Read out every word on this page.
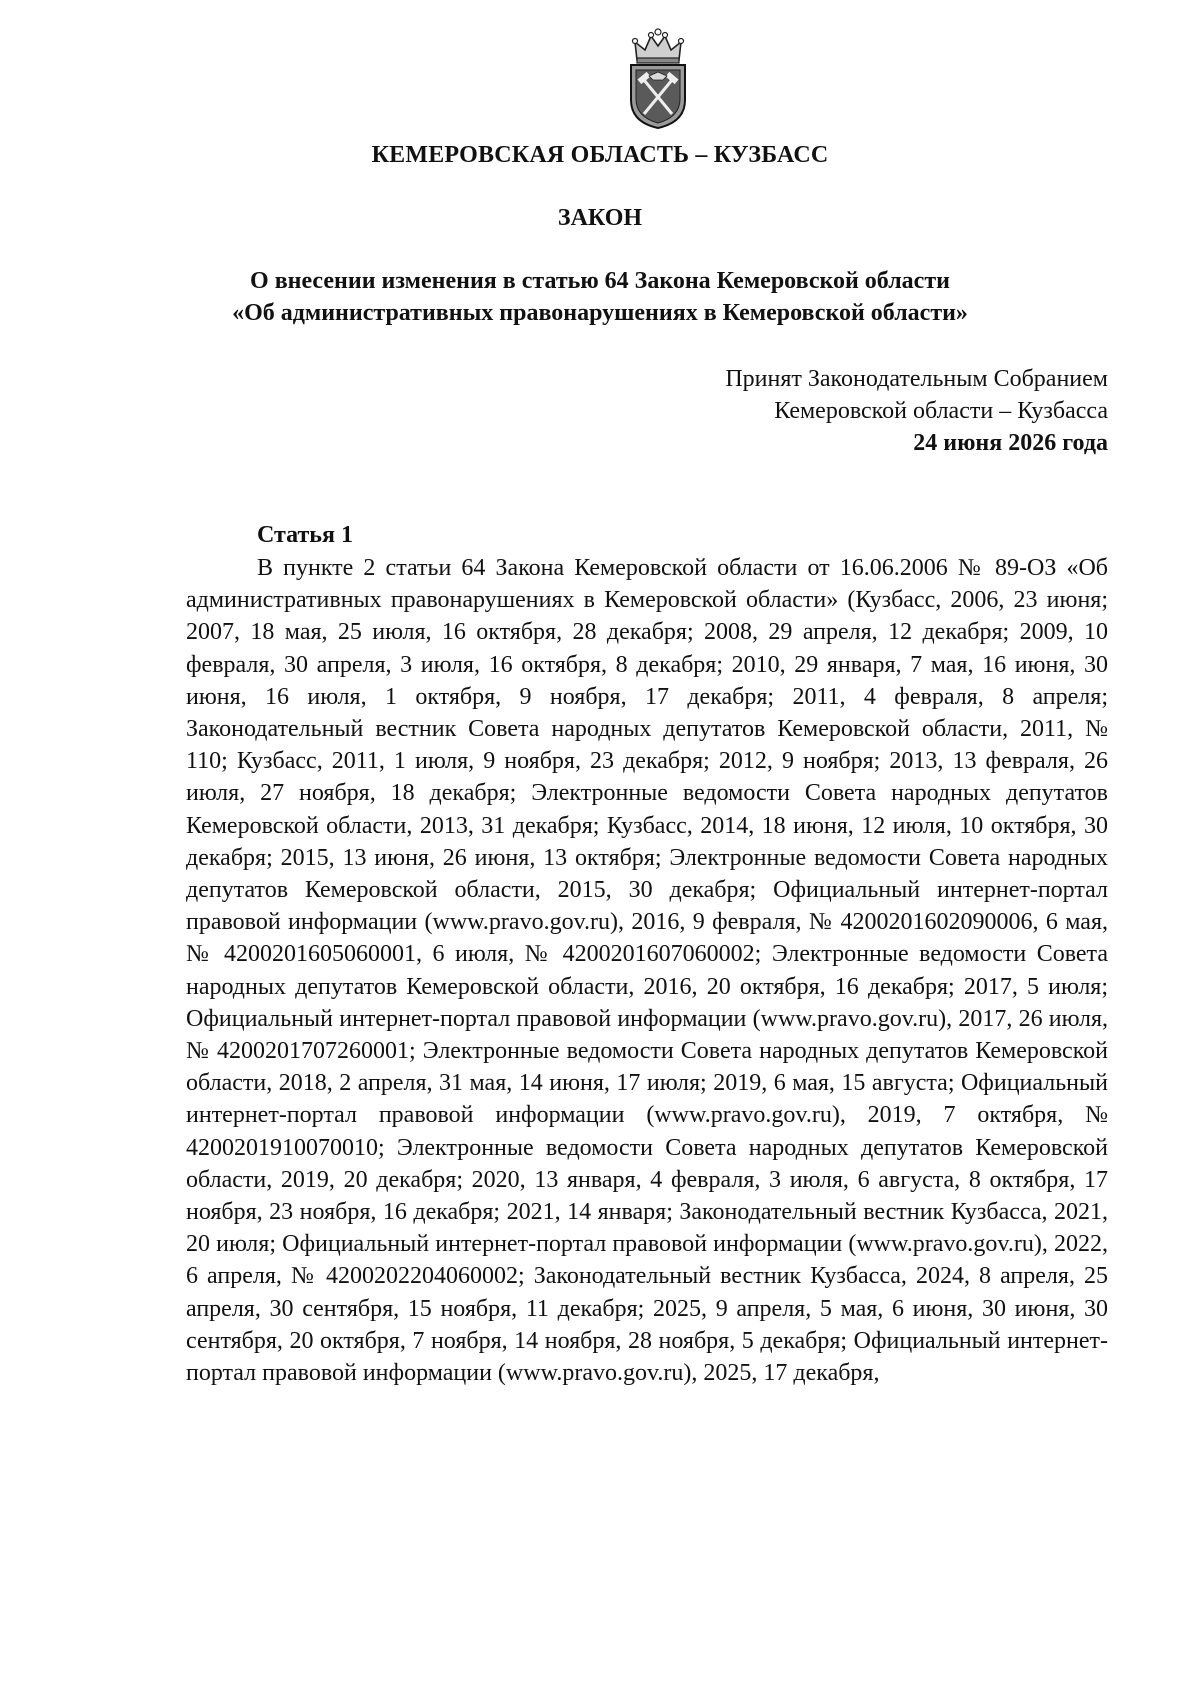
КЕМЕРОВСКАЯ ОБЛАСТЬ – КУЗБАСС
ЗАКОН
О внесении изменения в статью 64 Закона Кемеровской области
«Об административных правонарушениях в Кемеровской области»
Принят Законодательным Собранием
Кемеровской области – Кузбасса
24 июня 2026 года
Статья 1
В пункте 2 статьи 64 Закона Кемеровской области от 16.06.2006 № 89-ОЗ «Об административных правонарушениях в Кемеровской области» (Кузбасс, 2006, 23 июня; 2007, 18 мая, 25 июля, 16 октября, 28 декабря; 2008, 29 апреля, 12 декабря; 2009, 10 февраля, 30 апреля, 3 июля, 16 октября, 8 декабря; 2010, 29 января, 7 мая, 16 июня, 30 июня, 16 июля, 1 октября, 9 ноября, 17 декабря; 2011, 4 февраля, 8 апреля; Законодательный вестник Совета народных депутатов Кемеровской области, 2011, № 110; Кузбасс, 2011, 1 июля, 9 ноября, 23 декабря; 2012, 9 ноября; 2013, 13 февраля, 26 июля, 27 ноября, 18 декабря; Электронные ведомости Совета народных депутатов Кемеровской области, 2013, 31 декабря; Кузбасс, 2014, 18 июня, 12 июля, 10 октября, 30 декабря; 2015, 13 июня, 26 июня, 13 октября; Электронные ведомости Совета народных депутатов Кемеровской области, 2015, 30 декабря; Официальный интернет-портал правовой информации (www.pravo.gov.ru), 2016, 9 февраля, № 4200201602090006, 6 мая, № 4200201605060001, 6 июля, № 4200201607060002; Электронные ведомости Совета народных депутатов Кемеровской области, 2016, 20 октября, 16 декабря; 2017, 5 июля; Официальный интернет-портал правовой информации (www.pravo.gov.ru), 2017, 26 июля, № 4200201707260001; Электронные ведомости Совета народных депутатов Кемеровской области, 2018, 2 апреля, 31 мая, 14 июня, 17 июля; 2019, 6 мая, 15 августа; Официальный интернет-портал правовой информации (www.pravo.gov.ru), 2019, 7 октября, № 4200201910070010; Электронные ведомости Совета народных депутатов Кемеровской области, 2019, 20 декабря; 2020, 13 января, 4 февраля, 3 июля, 6 августа, 8 октября, 17 ноября, 23 ноября, 16 декабря; 2021, 14 января; Законодательный вестник Кузбасса, 2021, 20 июля; Официальный интернет-портал правовой информации (www.pravo.gov.ru), 2022, 6 апреля, № 4200202204060002; Законодательный вестник Кузбасса, 2024, 8 апреля, 25 апреля, 30 сентября, 15 ноября, 11 декабря; 2025, 9 апреля, 5 мая, 6 июня, 30 июня, 30 сентября, 20 октября, 7 ноября, 14 ноября, 28 ноября, 5 декабря; Официальный интернет-портал правовой информации (www.pravo.gov.ru), 2025, 17 декабря,
